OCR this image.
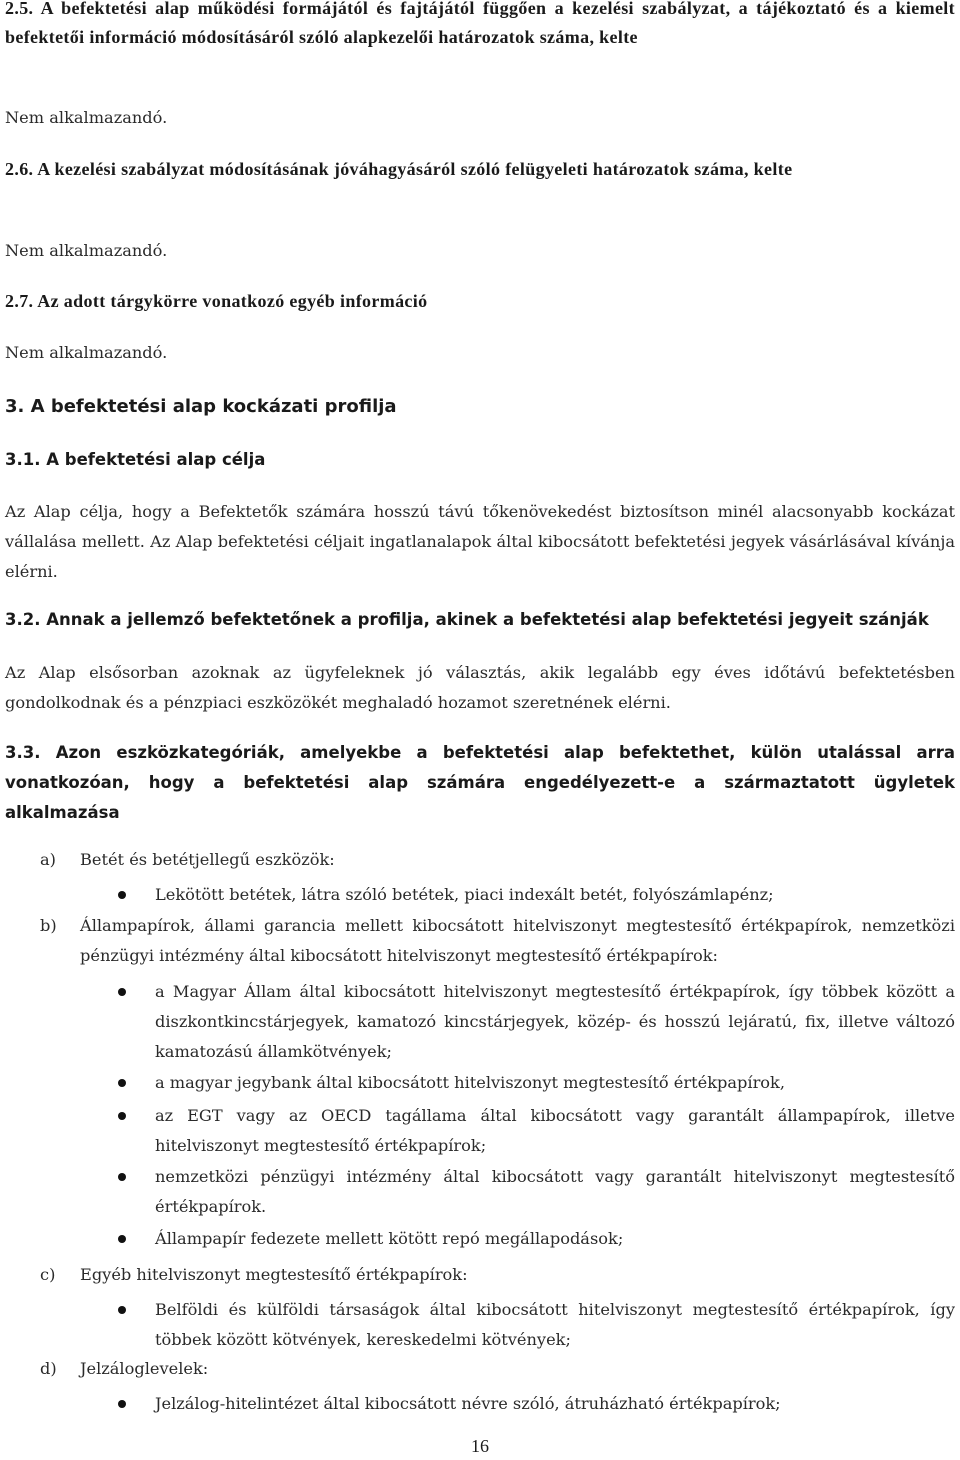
2.5. A befektetési alap működési formájától és fajtájától függően a kezelési szabályzat, a tájékoztató és a kiemelt befektetői információ módosításáról szóló alapkezelői határozatok száma, kelte

Nem alkalmazandó.

2.6. A kezelési szabályzat módosításának jóváhagyásáról szóló felügyeleti határozatok száma, kelte

Nem alkalmazandó.

2.7. Az adott tárgykörre vonatkozó egyéb információ

Nem alkalmazandó.

3. A befektetési alap kockázati profilja

3.1. A befektetési alap célja

Az Alap célja, hogy a Befektetők számára hosszú távú tőkenövekedést biztosítson minél alacsonyabb kockázat vállalása mellett. Az Alap befektetési céljait ingatlanalapok által kibocsátott befektetési jegyek vásárlásával kívánja elérni.

3.2. Annak a jellemző befektetőnek a profilja, akinek a befektetési alap befektetési jegyeit szánják

Az Alap elsősorban azoknak az ügyfeleknek jó választás, akik legalább egy éves időtávú befektetésben gondolkodnak és a pénzpiaci eszközökét meghaladó hozamot szeretnének elérni.

3.3. Azon eszközkategóriák, amelyekbe a befektetési alap befektethet, külön utalással arra vonatkozóan, hogy a befektetési alap számára engedélyezett-e a származtatott ügyletek alkalmazása

a) Betét és betétjellegű eszközök:
Lekötött betétek, látra szóló betétek, piaci indexált betét, folyószámlapénz;
b) Állampapírok, állami garancia mellett kibocsátott hitelviszonyt megtestesítő értékpapírok, nemzetközi pénzügyi intézmény által kibocsátott hitelviszonyt megtestesítő értékpapírok:
a Magyar Állam által kibocsátott hitelviszonyt megtestesítő értékpapírok, így többek között a diszkontkincstárjegyek, kamatozó kincstárjegyek, közép- és hosszú lejáratú, fix, illetve változó kamatozású államkötvények;
a magyar jegybank által kibocsátott hitelviszonyt megtestesítő értékpapírok,
az EGT vagy az OECD tagállama által kibocsátott vagy garantált állampapírok, illetve hitelviszonyt megtestesítő értékpapírok;
nemzetközi pénzügyi intézmény által kibocsátott vagy garantált hitelviszonyt megtestesítő értékpapírok.
Állampapír fedezete mellett kötött repó megállapodások;
c) Egyéb hitelviszonyt megtestesítő értékpapírok:
Belföldi és külföldi társaságok által kibocsátott hitelviszonyt megtestesítő értékpapírok, így többek között kötvények, kereskedelmi kötvények;
d) Jelzáloglevelek:
Jelzálog-hitelintézet által kibocsátott névre szóló, átruházható értékpapírok;
16
